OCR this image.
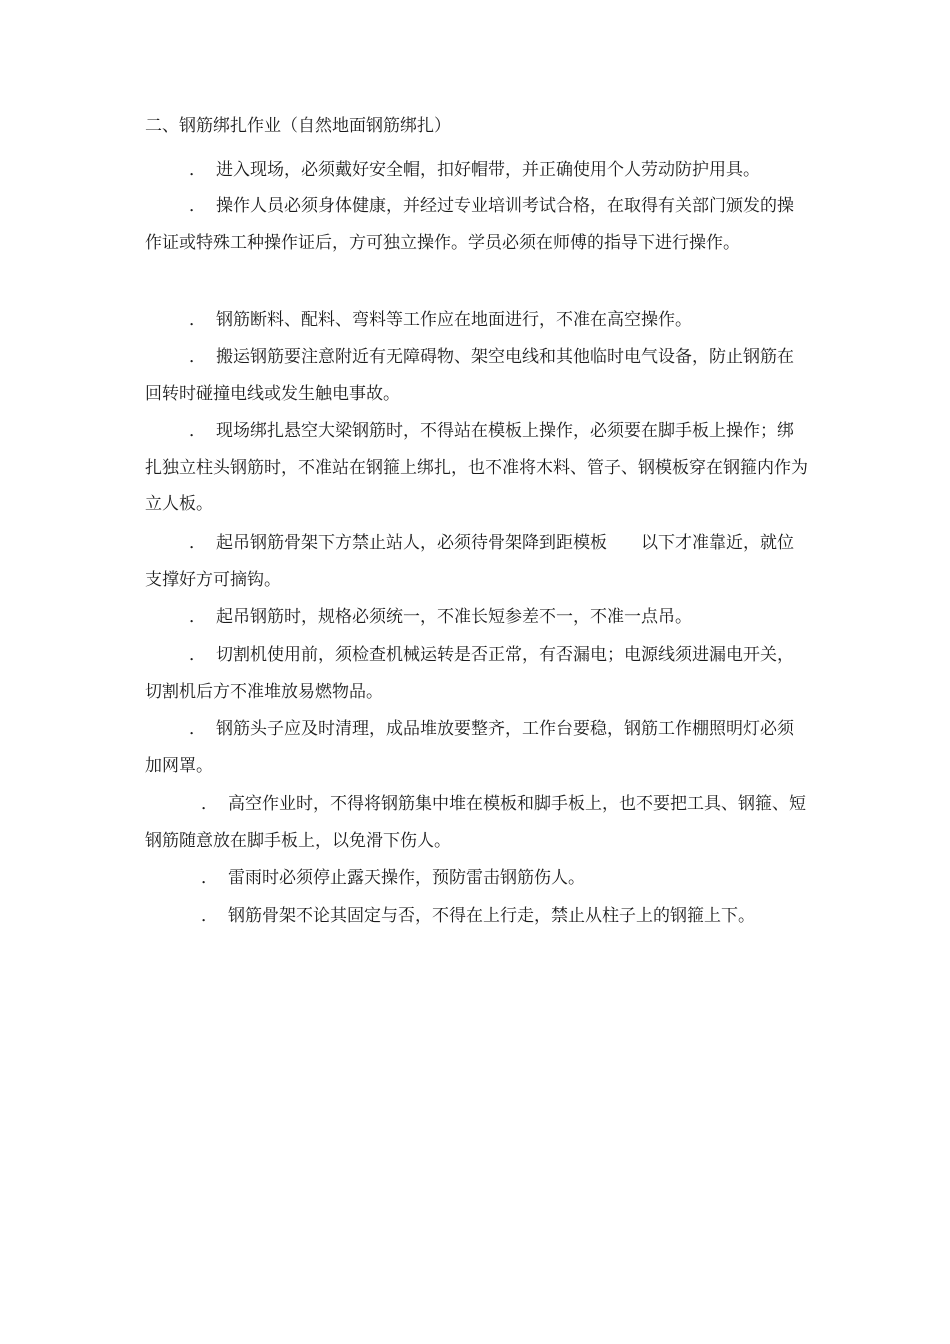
二、钢筋绑扎作业（自然地面钢筋绑扎）
． 进入现场，必须戴好安全帽，扣好帽带，并正确使用个人劳动防护用具。
． 操作人员必须身体健康，并经过专业培训考试合格，在取得有关部门颁发的操作证或特殊工种操作证后，方可独立操作。学员必须在师傅的指导下进行操作。
． 钢筋断料、配料、弯料等工作应在地面进行，不准在高空操作。
． 搬运钢筋要注意附近有无障碍物、架空电线和其他临时电气设备，防止钢筋在回转时碰撞电线或发生触电事故。
． 现场绑扎悬空大梁钢筋时，不得站在模板上操作，必须要在脚手板上操作；绑扎独立柱头钢筋时，不准站在钢箍上绑扎，也不准将木料、管子、钢模板穿在钢箍内作为立人板。
． 起吊钢筋骨架下方禁止站人，必须待骨架降到距模板 以下才准靠近，就位支撑好方可摘钩。
． 起吊钢筋时，规格必须统一，不准长短参差不一，不准一点吊。
． 切割机使用前，须检查机械运转是否正常，有否漏电；电源线须进漏电开关，切割机后方不准堆放易燃物品。
． 钢筋头子应及时清理，成品堆放要整齐，工作台要稳，钢筋工作棚照明灯必须加网罩。
． 高空作业时，不得将钢筋集中堆在模板和脚手板上，也不要把工具、钢箍、短钢筋随意放在脚手板上，以免滑下伤人。
． 雷雨时必须停止露天操作，预防雷击钢筋伤人。
． 钢筋骨架不论其固定与否，不得在上行走，禁止从柱子上的钢箍上下。
